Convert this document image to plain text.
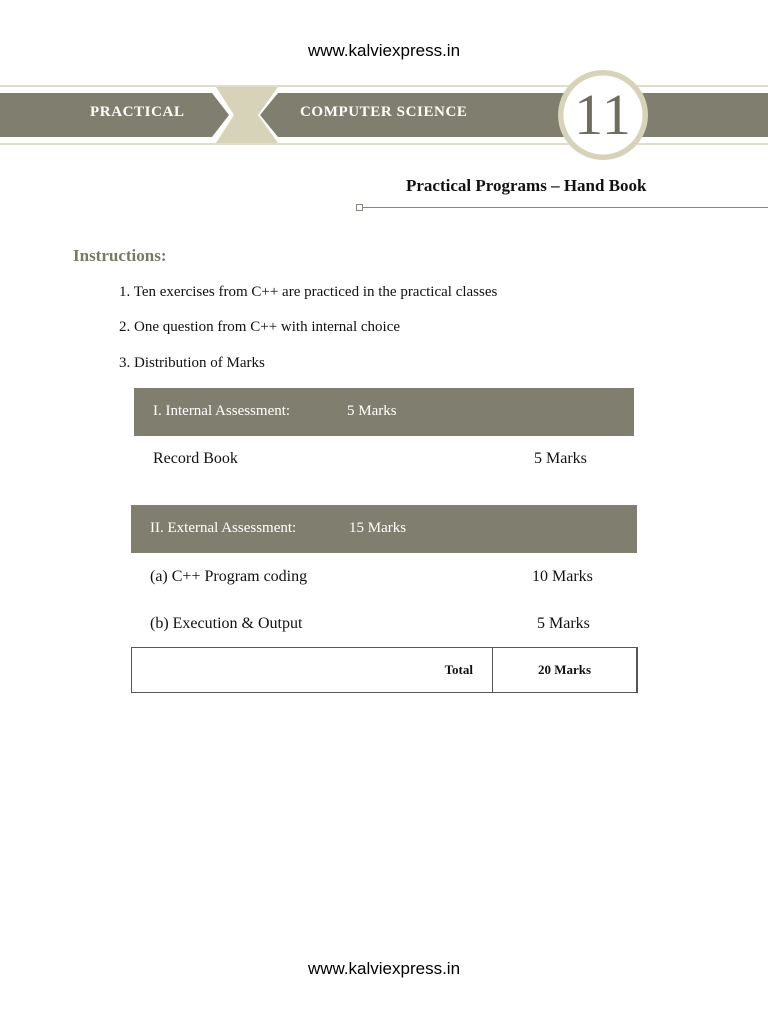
www.kalviexpress.in
PRACTICAL	COMPUTER SCIENCE 11
Practical Programs – Hand Book
Instructions:
1. Ten exercises from C++ are practiced in the practical classes
2. One question from C++ with internal choice
3. Distribution of Marks
I. Internal Assessment:	5 Marks
Record Book	5 Marks
II. External Assessment:	15 Marks
(a) C++ Program coding	10 Marks
(b) Execution & Output	5 Marks
Total	20 Marks
www.kalviexpress.in
